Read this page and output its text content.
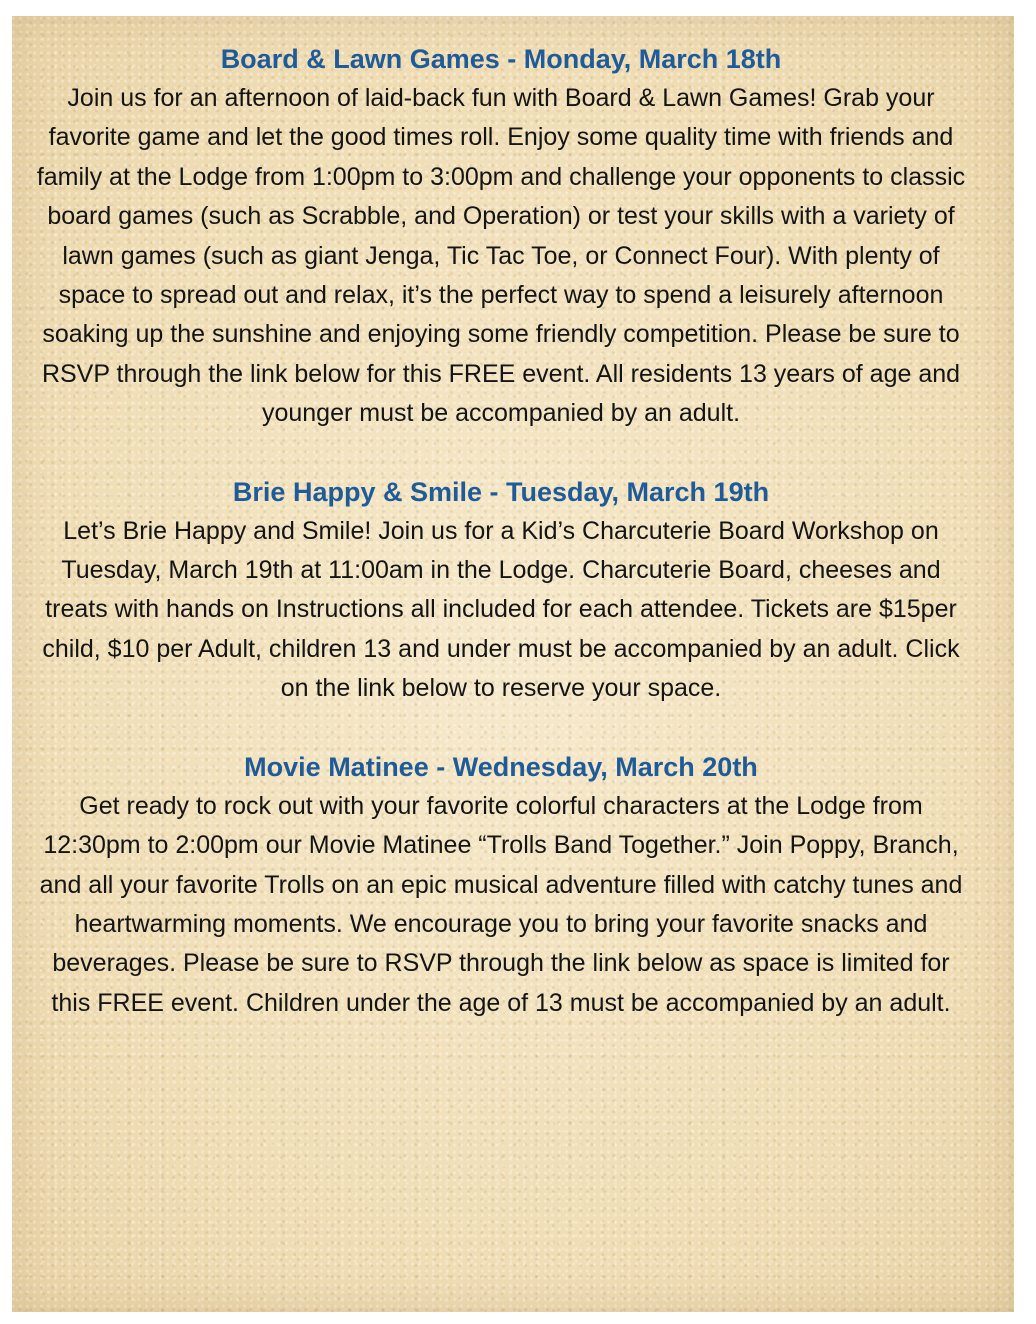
Board & Lawn Games - Monday, March 18th

Join us for an afternoon of laid-back fun with Board & Lawn Games! Grab your favorite game and let the good times roll. Enjoy some quality time with friends and family at the Lodge from 1:00pm to 3:00pm and challenge your opponents to classic board games (such as Scrabble, and Operation) or test your skills with a variety of lawn games (such as giant Jenga, Tic Tac Toe, or Connect Four). With plenty of space to spread out and relax, it’s the perfect way to spend a leisurely afternoon soaking up the sunshine and enjoying some friendly competition. Please be sure to RSVP through the link below for this FREE event. All residents 13 years of age and younger must be accompanied by an adult.

Brie Happy & Smile - Tuesday, March 19th

Let’s Brie Happy and Smile! Join us for a Kid’s Charcuterie Board Workshop on Tuesday, March 19th at 11:00am in the Lodge. Charcuterie Board, cheeses and treats with hands on Instructions all included for each attendee. Tickets are $15per child, $10 per Adult, children 13 and under must be accompanied by an adult. Click on the link below to reserve your space.

Movie Matinee - Wednesday, March 20th

Get ready to rock out with your favorite colorful characters at the Lodge from 12:30pm to 2:00pm our Movie Matinee “Trolls Band Together.” Join Poppy, Branch, and all your favorite Trolls on an epic musical adventure filled with catchy tunes and heartwarming moments. We encourage you to bring your favorite snacks and beverages. Please be sure to RSVP through the link below as space is limited for this FREE event. Children under the age of 13 must be accompanied by an adult.
